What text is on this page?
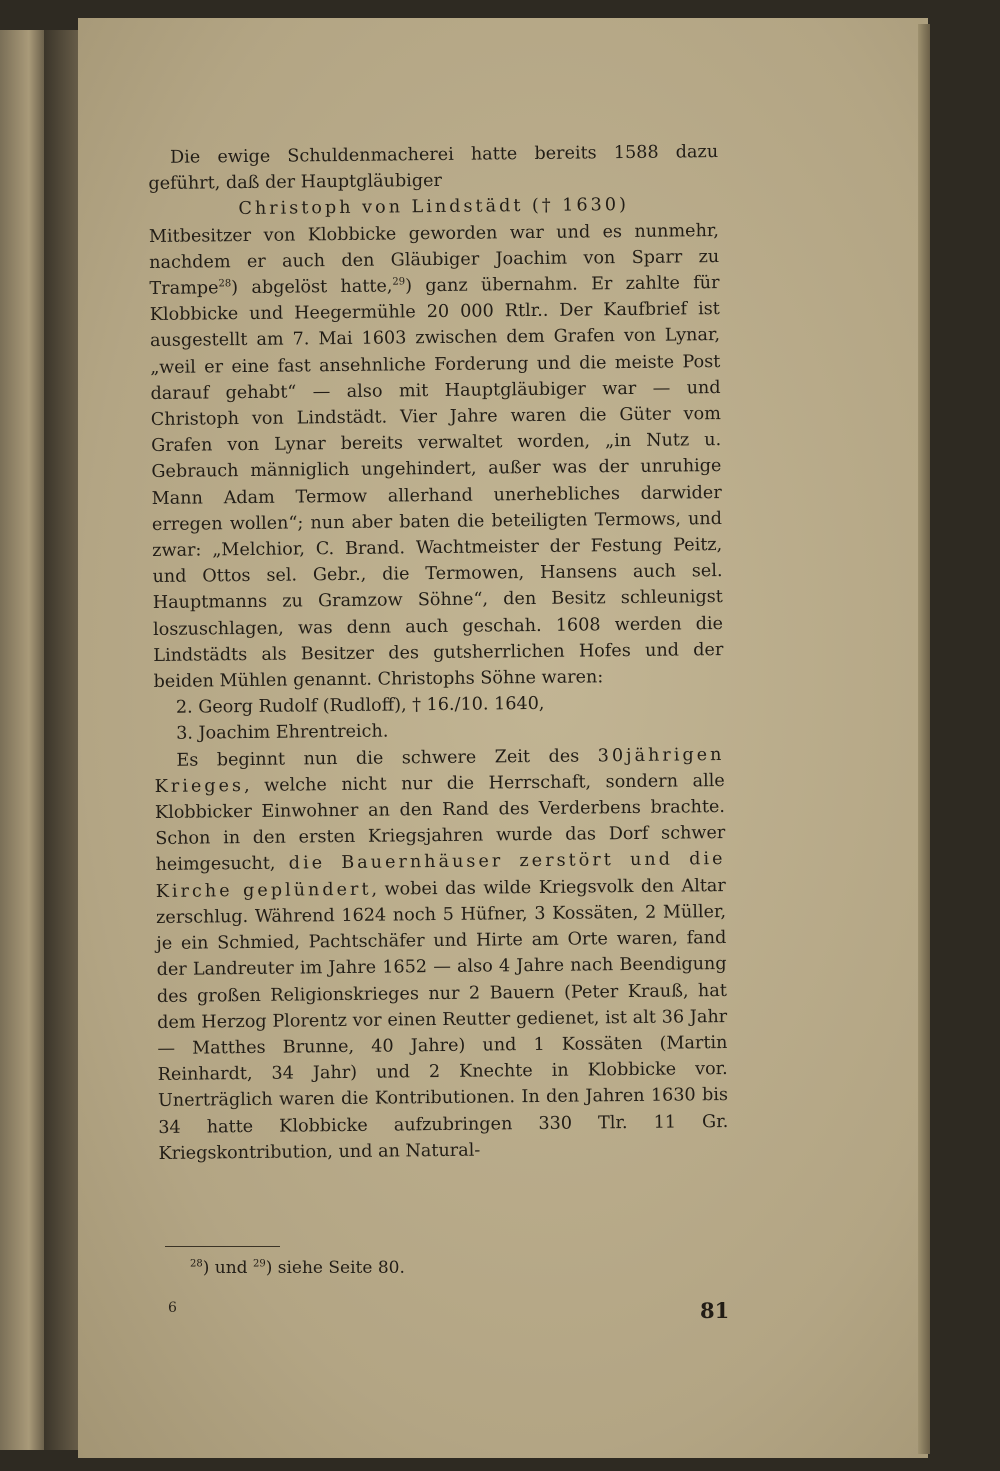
Die ewige Schuldenmacherei hatte bereits 1588 dazu geführt, daß der Hauptgläubiger

Christoph von Lindstädt († 1630)

Mitbesitzer von Klobbicke geworden war und es nunmehr, nachdem er auch den Gläubiger Joachim von Sparr zu Trampe$^{28}$) abgelöst hatte,$^{29}$) ganz übernahm. Er zahlte für Klobbicke und Heegermühle 20 000 Rtlr.. Der Kaufbrief ist ausgestellt am 7. Mai 1603 zwischen dem Grafen von Lynar, „weil er eine fast ansehnliche Forderung und die meiste Post darauf gehabt“ — also mit Hauptgläubiger war — und Christoph von Lindstädt. Vier Jahre waren die Güter vom Grafen von Lynar bereits verwaltet worden, „in Nutz u. Gebrauch männiglich ungehindert, außer was der unruhige Mann Adam Termow allerhand unerhebliches darwider erregen wollen“; nun aber baten die beteiligten Termows, und zwar: „Melchior, C. Brand. Wachtmeister der Festung Peitz, und Ottos sel. Gebr., die Termowen, Hansens auch sel. Hauptmanns zu Gramzow Söhne“, den Besitz schleunigst loszuschlagen, was denn auch geschah. 1608 werden die Lindstädts als Besitzer des gutsherrlichen Hofes und der beiden Mühlen genannt. Christophs Söhne waren:

2. Georg Rudolf (Rudloff), † 16./10. 1640,

3. Joachim Ehrentreich.

Es beginnt nun die schwere Zeit des 30jährigen Krieges, welche nicht nur die Herrschaft, sondern alle Klobbicker Einwohner an den Rand des Verderbens brachte. Schon in den ersten Kriegsjahren wurde das Dorf schwer heimgesucht, die Bauernhäuser zerstört und die Kirche geplündert, wobei das wilde Kriegsvolk den Altar zerschlug. Während 1624 noch 5 Hüfner, 3 Kossäten, 2 Müller, je ein Schmied, Pachtschäfer und Hirte am Orte waren, fand der Landreuter im Jahre 1652 — also 4 Jahre nach Beendigung des großen Religionskrieges nur 2 Bauern (Peter Krauß, hat dem Herzog Plorentz vor einen Reutter gedienet, ist alt 36 Jahr — Matthes Brunne, 40 Jahre) und 1 Kossäten (Martin Reinhardt, 34 Jahr) und 2 Knechte in Klobbicke vor. Unerträglich waren die Kontributionen. In den Jahren 1630 bis 34 hatte Klobbicke aufzubringen 330 Tlr. 11 Gr. Kriegskontribution, und an Natural-

$^{28}$) und $^{29}$) siehe Seite 80.
6	81
